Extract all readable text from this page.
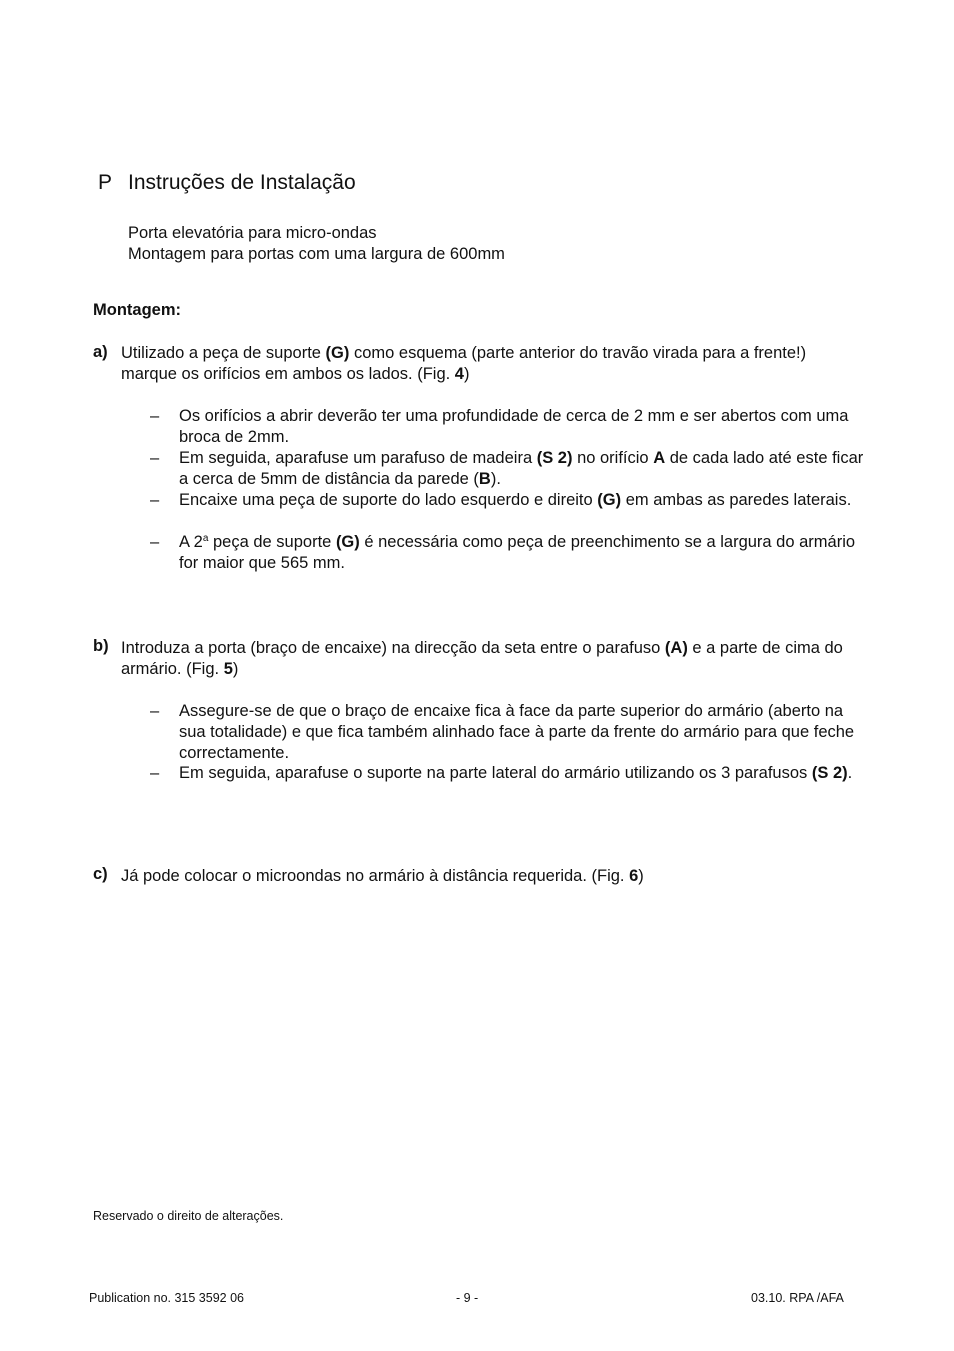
P Instruções de Instalação
Porta elevatória para micro-ondas
Montagem para portas com uma largura de 600mm
Montagem:
a) Utilizado a peça de suporte (G) como esquema (parte anterior do travão virada para a frente!) marque os orifícios em ambos os lados. (Fig. 4)
– Os orifícios a abrir deverão ter uma profundidade de cerca de 2 mm e ser abertos com uma broca de 2mm.
– Em seguida, aparafuse um parafuso de madeira (S 2) no orifício A de cada lado até este ficar a cerca de 5mm de distância da parede (B).
– Encaixe uma peça de suporte do lado esquerdo e direito (G) em ambas as paredes laterais.
– A 2$^a$ peça de suporte (G) é necessária como peça de preenchimento se a largura do armário for maior que 565 mm.
b) Introduza a porta (braço de encaixe) na direcção da seta entre o parafuso (A) e a parte de cima do armário. (Fig. 5)
– Assegure-se de que o braço de encaixe fica à face da parte superior do armário (aberto na sua totalidade) e que fica também alinhado face à parte da frente do armário para que feche correctamente.
– Em seguida, aparafuse o suporte na parte lateral do armário utilizando os 3 parafusos (S 2).
c) Já pode colocar o microondas no armário à distância requerida. (Fig. 6)
Reservado o direito de alterações.
Publication no. 315 3592 06	- 9 -	03.10. RPA /AFA
